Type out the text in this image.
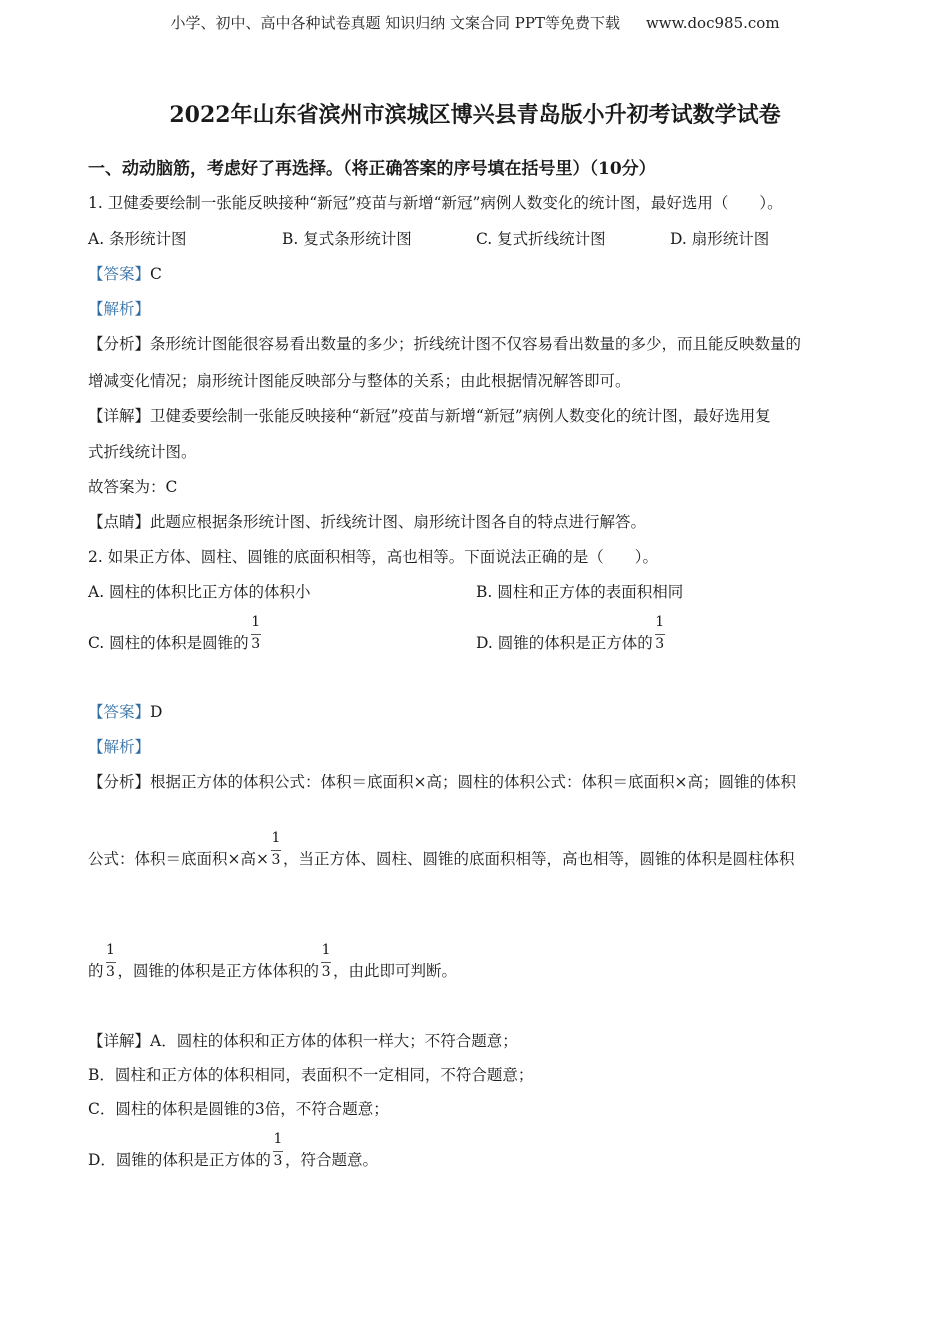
小学、初中、高中各种试卷真题 知识归纳 文案合同 PPT等免费下载 www.doc985.com
2022年山东省滨州市滨城区博兴县青岛版小升初考试数学试卷
一、动动脑筋，考虑好了再选择。（将正确答案的序号填在括号里）（10分）
1. 卫健委要绘制一张能反映接种“新冠”疫苗与新增“新冠”病例人数变化的统计图，最好选用（　　）。
A. 条形统计图	B. 复式条形统计图	C. 复式折线统计图	D. 扇形统计图
【答案】C
【解析】
【分析】条形统计图能很容易看出数量的多少；折线统计图不仅容易看出数量的多少，而且能反映数量的
增减变化情况；扇形统计图能反映部分与整体的关系；由此根据情况解答即可。
【详解】卫健委要绘制一张能反映接种“新冠”疫苗与新增“新冠”病例人数变化的统计图，最好选用复
式折线统计图。
故答案为：C
【点睛】此题应根据条形统计图、折线统计图、扇形统计图各自的特点进行解答。
2. 如果正方体、圆柱、圆锥的底面积相等，高也相等。下面说法正确的是（　　）。
A. 圆柱的体积比正方体的体积小	B. 圆柱和正方体的表面积相同
C. 圆柱的体积是圆锥的 $\frac{1}{3}$	D. 圆锥的体积是正方体的 $\frac{1}{3}$
【答案】D
【解析】
【分析】根据正方体的体积公式：体积＝底面积×高；圆柱的体积公式：体积＝底面积×高；圆锥的体积
公式：体积＝底面积×高× $\frac{1}{3}$ ，当正方体、圆柱、圆锥的底面积相等，高也相等，圆锥的体积是圆柱体积
的 $\frac{1}{3}$ ，圆锥的体积是正方体体积的 $\frac{1}{3}$ ，由此即可判断。
【详解】A．圆柱的体积和正方体的体积一样大；不符合题意；
B．圆柱和正方体的体积相同，表面积不一定相同，不符合题意；
C．圆柱的体积是圆锥的3倍，不符合题意；
D．圆锥的体积是正方体的 $\frac{1}{3}$ ，符合题意。
